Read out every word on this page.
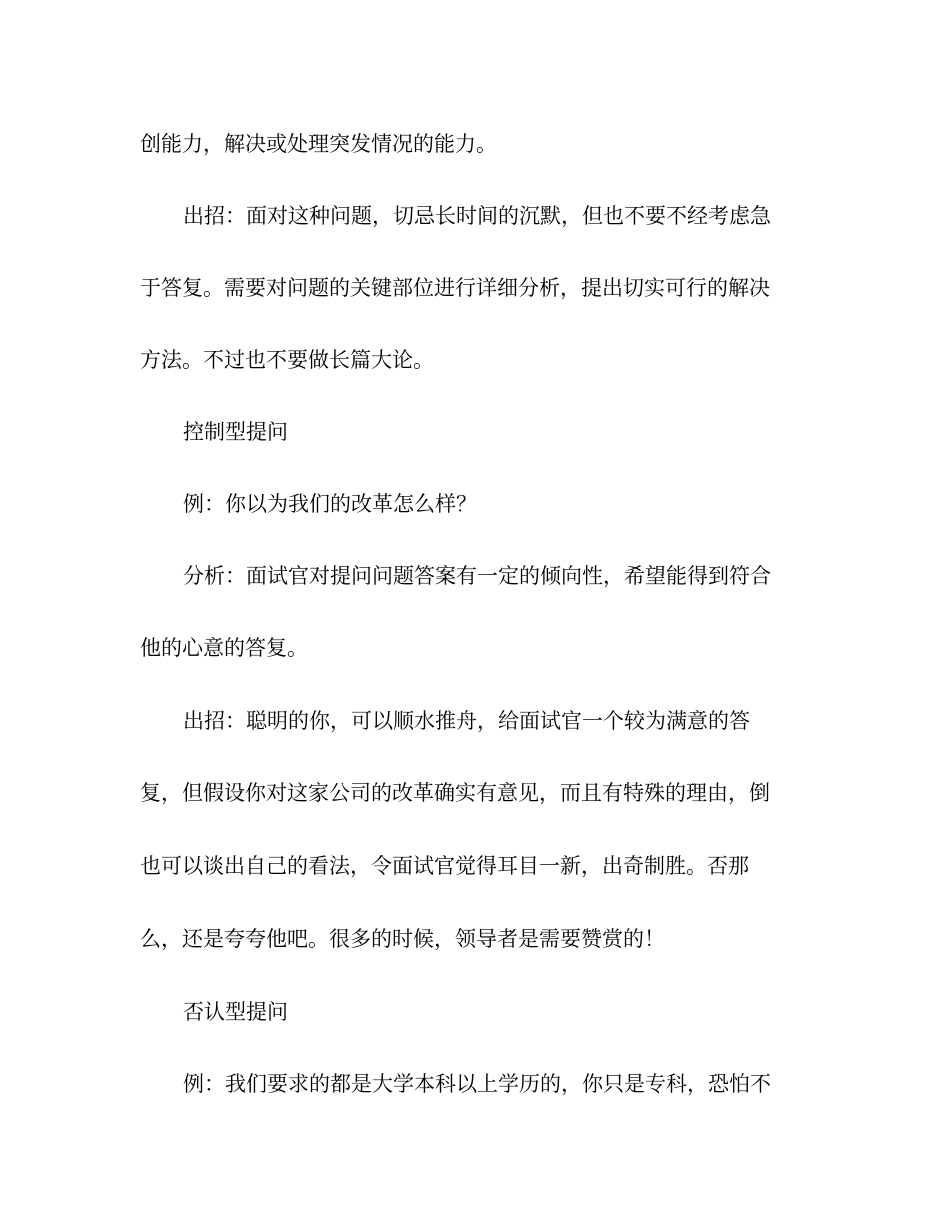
创能力，解决或处理突发情况的能力。
出招：面对这种问题，切忌长时间的沉默，但也不要不经考虑急
于答复。需要对问题的关键部位进行详细分析，提出切实可行的解决
方法。不过也不要做长篇大论。
控制型提问
例：你以为我们的改革怎么样？
分析：面试官对提问问题答案有一定的倾向性，希望能得到符合
他的心意的答复。
出招：聪明的你，可以顺水推舟，给面试官一个较为满意的答
复，但假设你对这家公司的改革确实有意见，而且有特殊的理由，倒
也可以谈出自己的看法，令面试官觉得耳目一新，出奇制胜。否那
么，还是夸夸他吧。很多的时候，领导者是需要赞赏的！
否认型提问
例：我们要求的都是大学本科以上学历的，你只是专科，恐怕不
